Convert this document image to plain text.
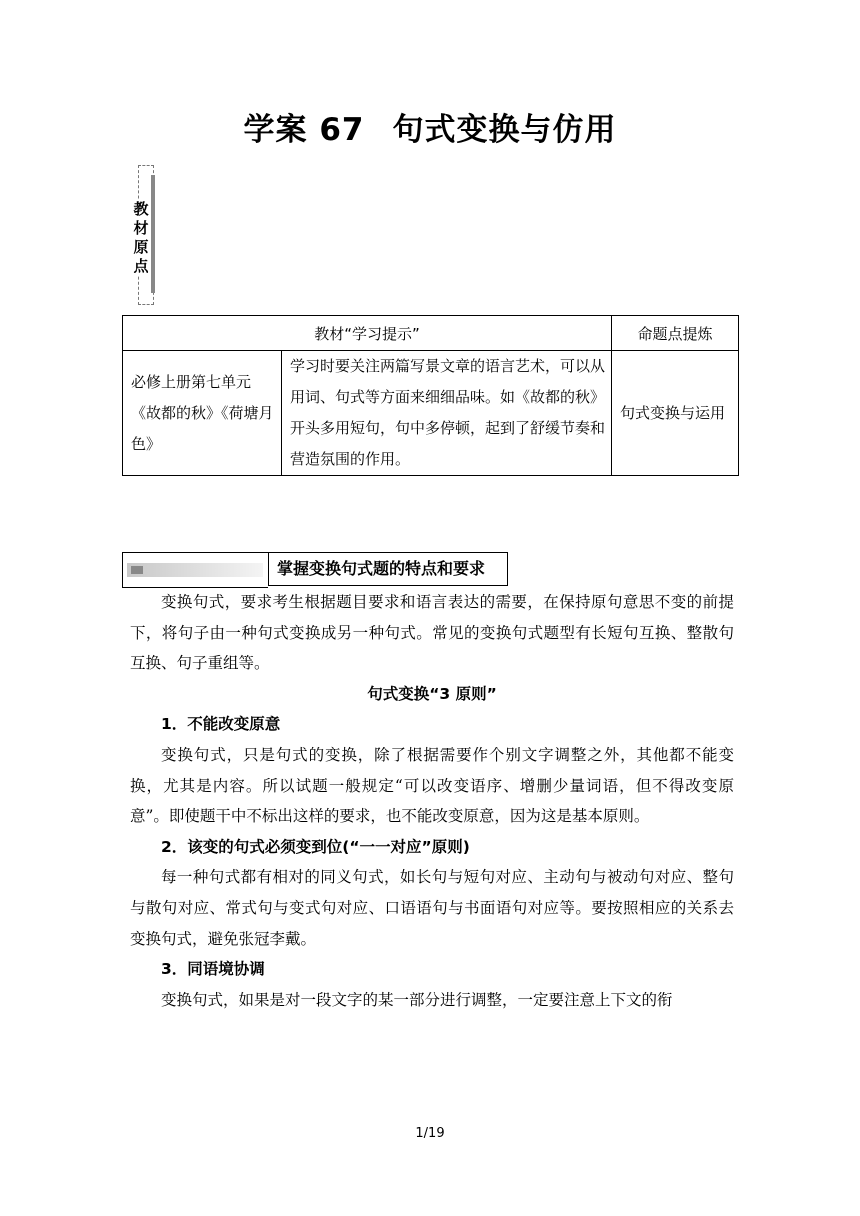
学案 67 句式变换与仿用
教材原点
教材“学习提示”		命题点提炼
必修上册第七单元《故都的秋》《荷塘月色》	学习时要关注两篇写景文章的语言艺术，可以从用词、句式等方面来细细品味。如《故都的秋》开头多用短句，句中多停顿，起到了舒缓节奏和营造氛围的作用。	句式变换与运用
掌握变换句式题的特点和要求

变换句式，要求考生根据题目要求和语言表达的需要，在保持原句意思不变的前提下，将句子由一种句式变换成另一种句式。常见的变换句式题型有长短句互换、整散句互换、句子重组等。

句式变换“3 原则”

1．不能改变原意

变换句式，只是句式的变换，除了根据需要作个别文字调整之外，其他都不能变换，尤其是内容。所以试题一般规定“可以改变语序、增删少量词语，但不得改变原意”。即使题干中不标出这样的要求，也不能改变原意，因为这是基本原则。

2．该变的句式必须变到位(“一一对应”原则)

每一种句式都有相对的同义句式，如长句与短句对应、主动句与被动句对应、整句与散句对应、常式句与变式句对应、口语语句与书面语句对应等。要按照相应的关系去变换句式，避免张冠李戴。

3．同语境协调

变换句式，如果是对一段文字的某一部分进行调整，一定要注意上下文的衔

1/19
